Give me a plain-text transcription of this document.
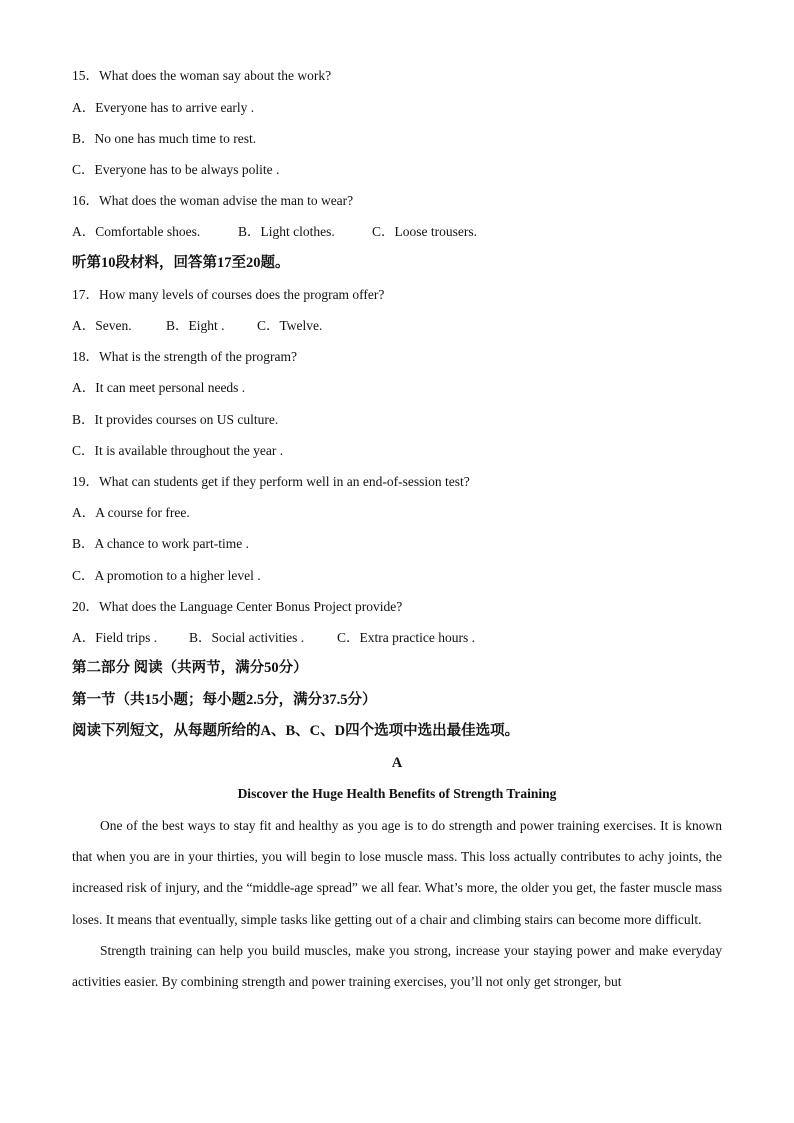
15．What does the woman say about the work?
A．Everyone has to arrive early .
B．No one has much time to rest.
C．Everyone has to be always polite .
16．What does the woman advise the man to wear?
A．Comfortable shoes.	B．Light clothes.	C．Loose trousers.
听第10段材料，回答第17至20题。
17．How many levels of courses does the program offer?
A．Seven.	B．Eight . C．Twelve.
18．What is the strength of the program?
A．It can meet personal needs .
B．It provides courses on US culture.
C．It is available throughout the year .
19．What can students get if they perform well in an end-of-session test?
A．A course for free.
B．A chance to work part-time .
C．A promotion to a higher level .
20．What does the Language Center Bonus Project provide?
A．Field trips . B．Social activities . C．Extra practice hours .
第二部分 阅读（共两节，满分50分）
第一节（共15小题；每小题2.5分，满分37.5分）
阅读下列短文，从每题所给的A、B、C、D四个选项中选出最佳选项。
A
Discover the Huge Health Benefits of Strength Training

One of the best ways to stay fit and healthy as you age is to do strength and power training exercises. It is known that when you are in your thirties, you will begin to lose muscle mass. This loss actually contributes to achy joints, the increased risk of injury, and the “middle-age spread” we all fear. What’s more, the older you get, the faster muscle mass loses. It means that eventually, simple tasks like getting out of a chair and climbing stairs can become more difficult.

Strength training can help you build muscles, make you strong, increase your staying power and make everyday activities easier. By combining strength and power training exercises, you’ll not only get stronger, but
